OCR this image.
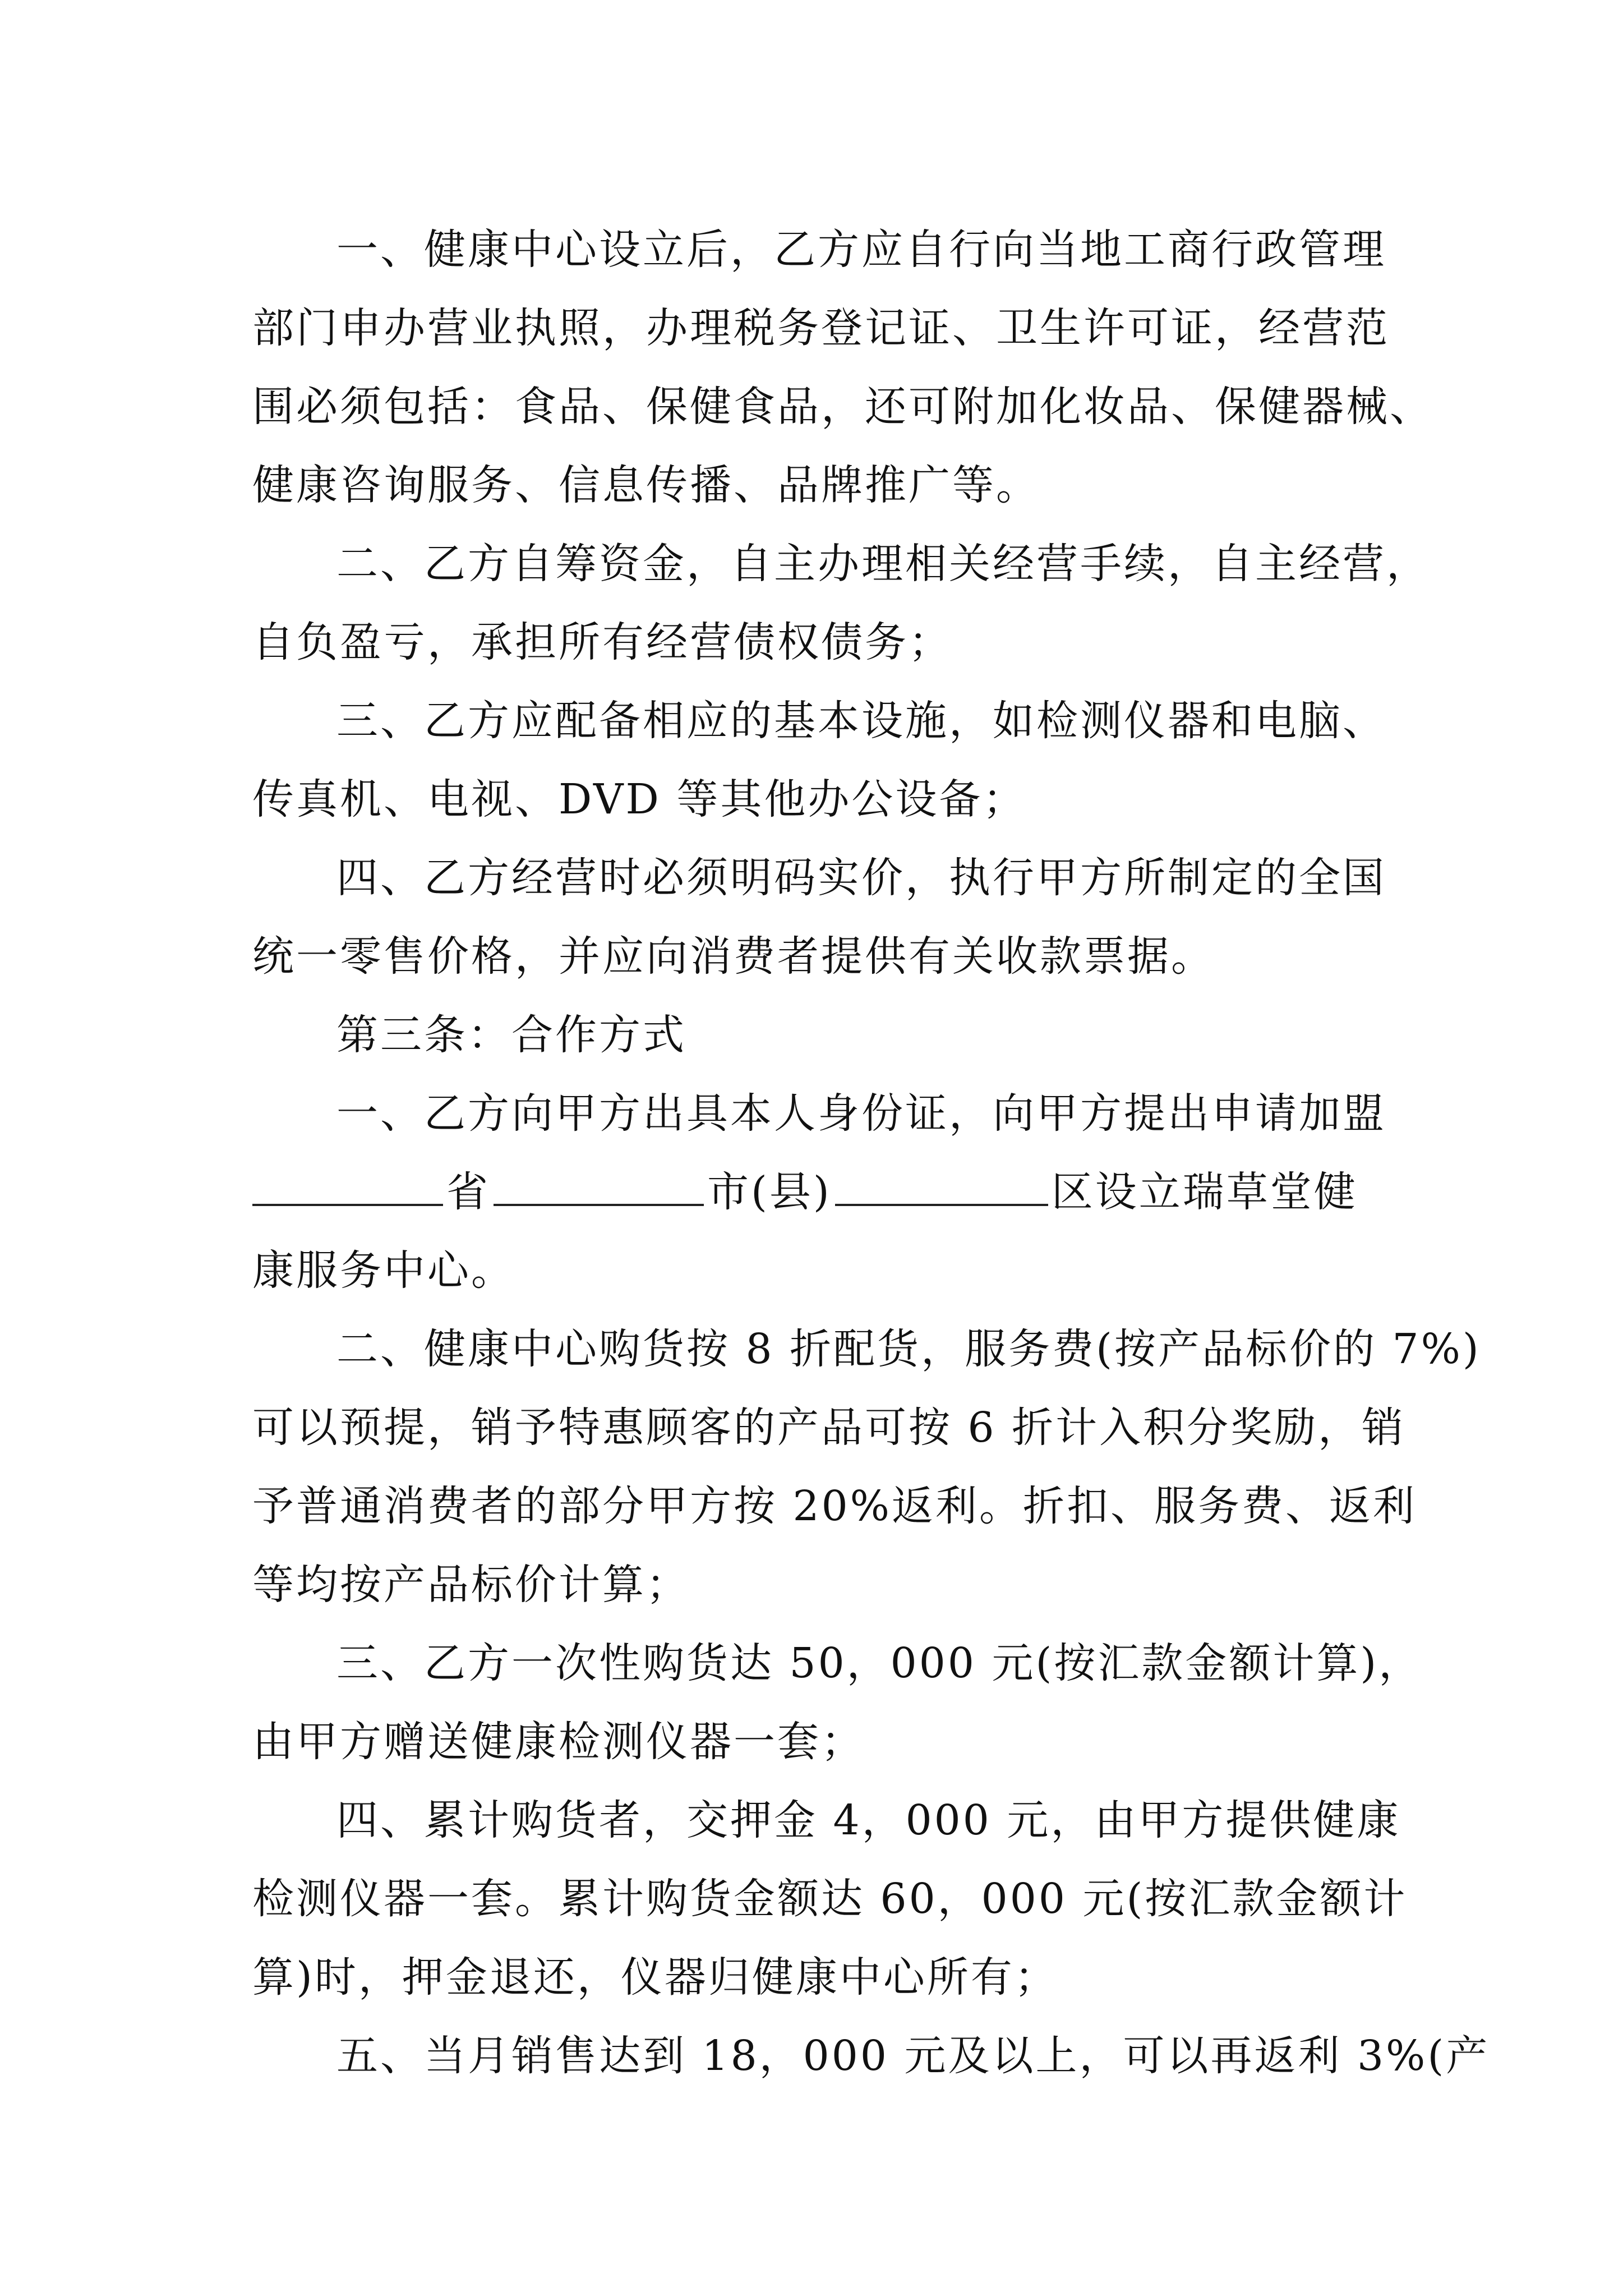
一、健康中心设立后，乙方应自行向当地工商行政管理
部门申办营业执照，办理税务登记证、卫生许可证，经营范
围必须包括：食品、保健食品，还可附加化妆品、保健器械、
健康咨询服务、信息传播、品牌推广等。
二、乙方自筹资金，自主办理相关经营手续，自主经营，
自负盈亏，承担所有经营债权债务；
三、乙方应配备相应的基本设施，如检测仪器和电脑、
传真机、电视、DVD 等其他办公设备；
四、乙方经营时必须明码实价，执行甲方所制定的全国
统一零售价格，并应向消费者提供有关收款票据。
第三条：合作方式
一、乙方向甲方出具本人身份证，向甲方提出申请加盟
省	市(县)	区设立瑞草堂健
康服务中心。
二、健康中心购货按 8 折配货，服务费(按产品标价的 7%)
可以预提，销予特惠顾客的产品可按 6 折计入积分奖励，销
予普通消费者的部分甲方按 20%返利。折扣、服务费、返利
等均按产品标价计算；
三、乙方一次性购货达 50，000 元(按汇款金额计算)，
由甲方赠送健康检测仪器一套；
四、累计购货者，交押金 4，000 元，由甲方提供健康
检测仪器一套。累计购货金额达 60，000 元(按汇款金额计
算)时，押金退还，仪器归健康中心所有；
五、当月销售达到 18，000 元及以上，可以再返利 3%(产
